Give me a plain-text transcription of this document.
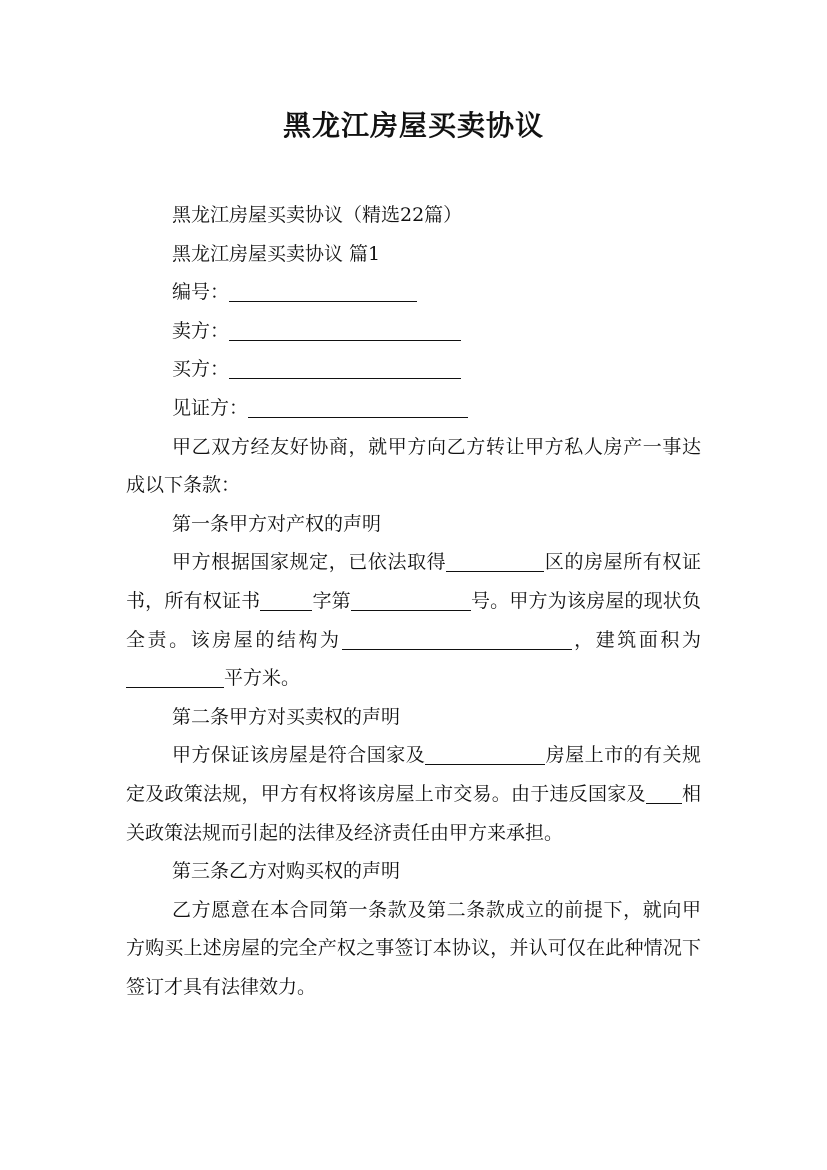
黑龙江房屋买卖协议

黑龙江房屋买卖协议（精选22篇）

黑龙江房屋买卖协议 篇1

编号：

卖方：

买方：

见证方：

甲乙双方经友好协商，就甲方向乙方转让甲方私人房产一事达成以下条款：

第一条甲方对产权的声明

甲方根据国家规定，已依法取得	区的房屋所有权证书，所有权证书	字第	号。甲方为该房屋的现状负全责。该房屋的结构为	，建筑面积为平方米。

第二条甲方对买卖权的声明

甲方保证该房屋是符合国家及	房屋上市的有关规定及政策法规，甲方有权将该房屋上市交易。由于违反国家及 相关政策法规而引起的法律及经济责任由甲方来承担。

第三条乙方对购买权的声明

乙方愿意在本合同第一条款及第二条款成立的前提下，就向甲方购买上述房屋的完全产权之事签订本协议，并认可仅在此种情况下签订才具有法律效力。
